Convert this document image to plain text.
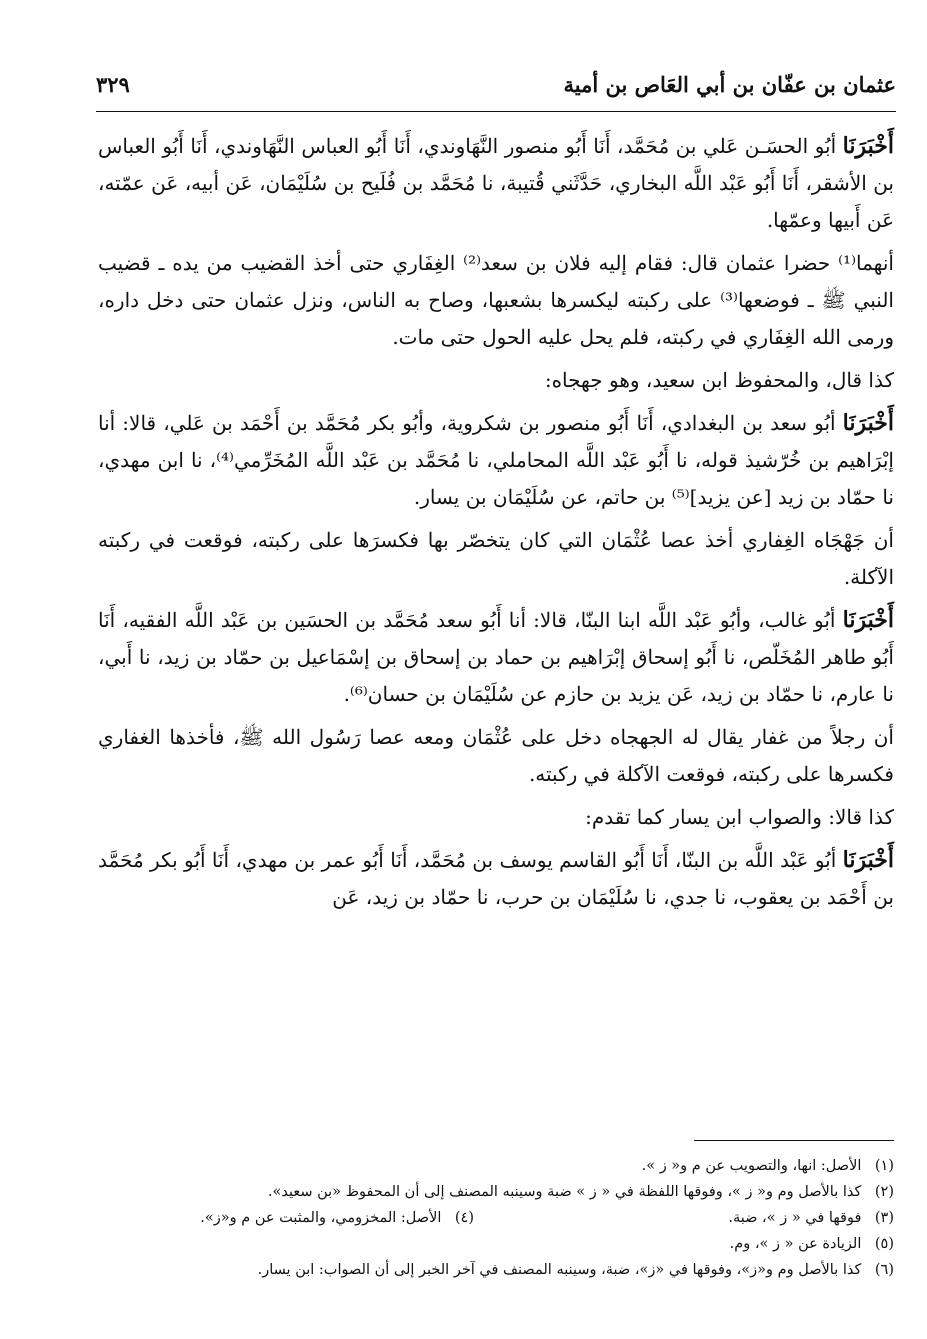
عثمان بن عفّان بن أبي العَاص بن أمية
٣٢٩

أَخْبَرَنَا أبُو الحسَـن عَلي بن مُحَمَّد، أَنَا أَبُو منصور النَّهَاوندي، أَنَا أَبُو العباس النَّهَاوندي، أَنَا أَبُو العباس بن الأشقر، أَنَا أَبُو عَبْد اللَّه البخاري، حَدَّثَني قُتيبة، نا مُحَمَّد بن فُلَيح بن سُلَيْمَان، عَن أبيه، عَن عمّته، عَن أَبيها وعمّها.

أنهما⁽¹⁾ حضرا عثمان قال: فقام إليه فلان بن سعد⁽²⁾ الغِفَاري حتى أخذ القضيب من يده ـ قضيب النبي ﷺ ـ فوضعها⁽³⁾ على ركبته ليكسرها بشعبها، وصاح به الناس، ونزل عثمان حتى دخل داره، ورمى الله الغِفَاري في ركبته، فلم يحل عليه الحول حتى مات.

كذا قال، والمحفوظ ابن سعيد، وهو جهجاه:

أَخْبَرَنَا أبُو سعد بن البغدادي، أَنَا أَبُو منصور بن شكروية، وأبُو بكر مُحَمَّد بن أَحْمَد بن عَلي، قالا: أنا إبْرَاهيم بن خُرّشيذ قوله، نا أَبُو عَبْد اللَّه المحاملي، نا مُحَمَّد بن عَبْد اللَّه المُخَرِّمي⁽⁴⁾، نا ابن مهدي، نا حمّاد بن زيد [عن يزيد]⁽⁵⁾ بن حاتم، عن سُلَيْمَان بن يسار.

أن جَهْجَاه الغِفاري أخذ عصا عُثْمَان التي كان يتخصّر بها فكسرَها على ركبته، فوقعت في ركبته الآكلة.

أَخْبَرَنَا أبُو غالب، وأبُو عَبْد اللَّه ابنا البنّا، قالا: أنا أَبُو سعد مُحَمَّد بن الحسَين بن عَبْد اللَّه الفقيه، أَنَا أَبُو طاهر المُخَلّص، نا أَبُو إسحاق إبْرَاهيم بن حماد بن إسحاق بن إسْمَاعيل بن حمّاد بن زيد، نا أَبي، نا عارم، نا حمّاد بن زيد، عَن يزيد بن حازم عن سُلَيْمَان بن حسان⁽⁶⁾.

أن رجلاً من غفار يقال له الجهجاه دخل على عُثْمَان ومعه عصا رَسُول الله ﷺ، فأخذها الغفاري فكسرها على ركبته، فوقعت الآكلة في ركبته.

كذا قالا: والصواب ابن يسار كما تقدم:

أَخْبَرَنَا أبُو عَبْد اللَّه بن البنّا، أَنَا أَبُو القاسم يوسف بن مُحَمَّد، أَنَا أَبُو عمر بن مهدي، أَنَا أَبُو بكر مُحَمَّد بن أَحْمَد بن يعقوب، نا جدي، نا سُلَيْمَان بن حرب، نا حمّاد بن زيد، عَن

(١) الأصل: انها، والتصويب عن م و« ز ».
(٢) كذا بالأصل وم و« ز »، وفوقها اللفظة في « ز » ضبة وسينبه المصنف إلى أن المحفوظ «بن سعيد».
(٣) فوقها في « ز »، ضبة.
(٤) الأصل: المخزومي، والمثبت عن م و«ز».
(٥) الزيادة عن « ز »، وم.
(٦) كذا بالأصل وم و«ز»، وفوقها في «ز»، ضبة، وسينبه المصنف في آخر الخبر إلى أن الصواب: ابن يسار.
